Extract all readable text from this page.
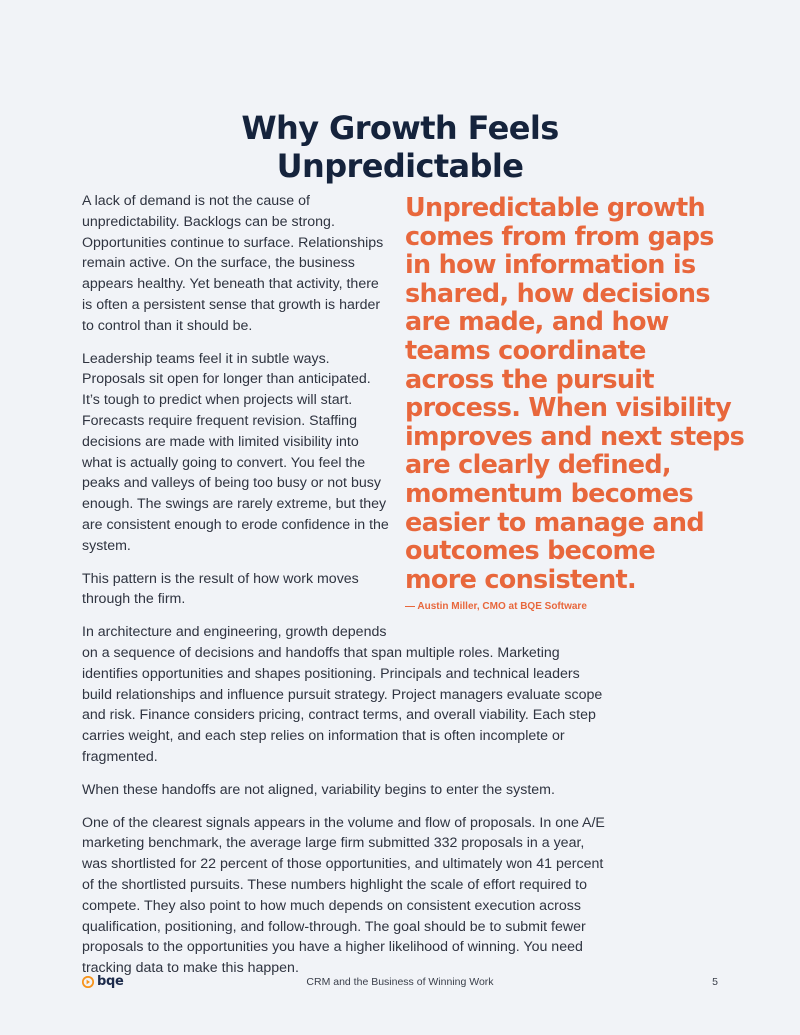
Why Growth Feels
Unpredictable

A lack of demand is not the cause of unpredictability. Backlogs can be strong. Opportunities continue to surface. Relationships remain active. On the surface, the business appears healthy. Yet beneath that activity, there is often a persistent sense that growth is harder to control than it should be.

Leadership teams feel it in subtle ways. Proposals sit open for longer than anticipated. It’s tough to predict when projects will start. Forecasts require frequent revision. Staffing decisions are made with limited visibility into what is actually going to convert. You feel the peaks and valleys of being too busy or not busy enough. The swings are rarely extreme, but they are consistent enough to erode confidence in the system.

This pattern is the result of how work moves through the firm.

In architecture and engineering, growth depends on a sequence of decisions and handoffs that span multiple roles. Marketing identifies opportunities and shapes positioning. Principals and technical leaders build relationships and influence pursuit strategy. Project managers evaluate scope and risk. Finance considers pricing, contract terms, and overall viability. Each step carries weight, and each step relies on information that is often incomplete or fragmented.

When these handoffs are not aligned, variability begins to enter the system.

One of the clearest signals appears in the volume and flow of proposals. In one A/E marketing benchmark, the average large firm submitted 332 proposals in a year, was shortlisted for 22 percent of those opportunities, and ultimately won 41 percent of the shortlisted pursuits. These numbers highlight the scale of effort required to compete. They also point to how much depends on consistent execution across qualification, positioning, and follow-through. The goal should be to submit fewer proposals to the opportunities you have a higher likelihood of winning. You need tracking data to make this happen.

Unpredictable growth
comes from from gaps
in how information is
shared, how decisions
are made, and how
teams coordinate
across the pursuit
process. When visibility
improves and next steps
are clearly defined,
momentum becomes
easier to manage and
outcomes become
more consistent.

— Austin Miller, CMO at BQE Software
bqe	CRM and the Business of Winning Work	5
